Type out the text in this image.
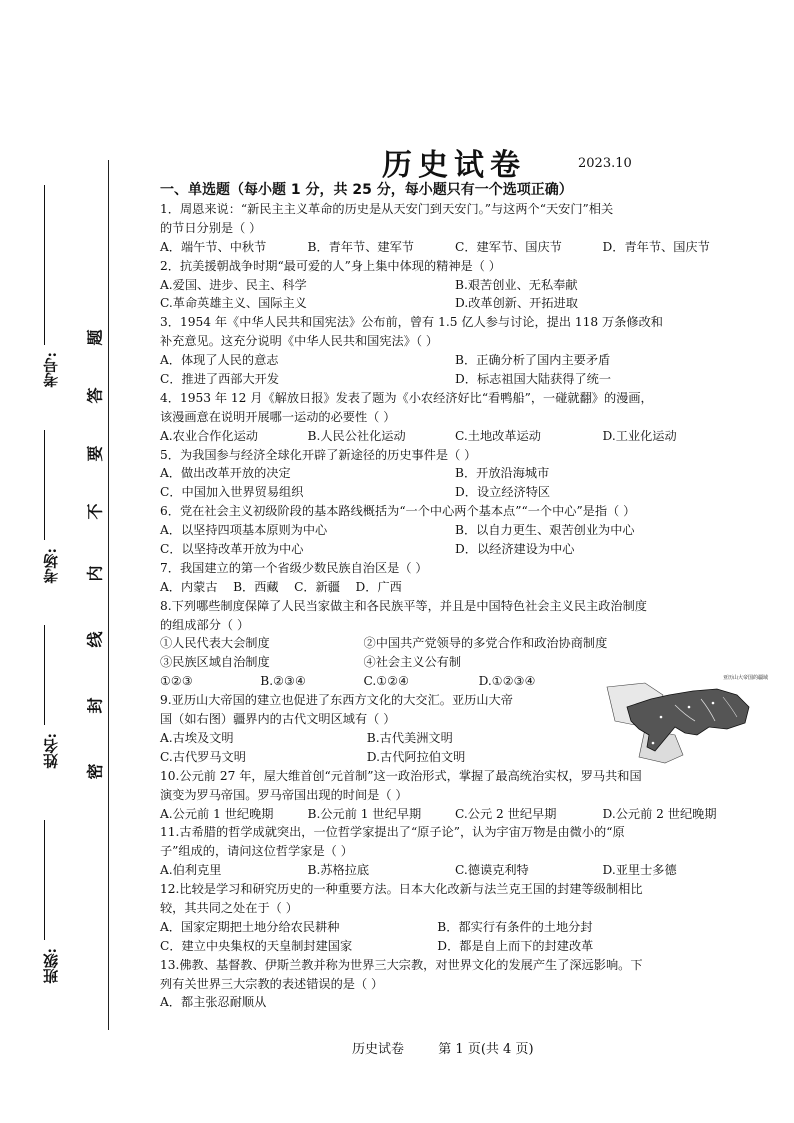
考号:
考场:
姓名:
班级:
密
封
线
内
不
要
答
题
历史试卷	2023.10
一、单选题（每小题 1 分，共 25 分，每小题只有一个选项正确）
1．周恩来说：“新民主主义革命的历史是从天安门到天安门。”与这两个“天安门”相关
的节日分别是（ ）
A．端午节、中秋节	B．青年节、建军节	C．建军节、国庆节	D．青年节、国庆节
2．抗美援朝战争时期“最可爱的人”身上集中体现的精神是（ ）
A.爱国、进步、民主、科学	B.艰苦创业、无私奉献
C.革命英雄主义、国际主义	D.改革创新、开拓进取
3．1954 年《中华人民共和国宪法》公布前，曾有 1.5 亿人参与讨论，提出 118 万条修改和
补充意见。这充分说明《中华人民共和国宪法》（ ）
A．体现了人民的意志	B．正确分析了国内主要矛盾
C．推进了西部大开发	D．标志祖国大陆获得了统一
4．1953 年 12 月《解放日报》发表了题为《小农经济好比“看鸭船”，一碰就翻》的漫画，
该漫画意在说明开展哪一运动的必要性（ ）
A.农业合作化运动	B.人民公社化运动	C.土地改革运动	D.工业化运动
5．为我国参与经济全球化开辟了新途径的历史事件是（ ）
A．做出改革开放的决定	B．开放沿海城市
C．中国加入世界贸易组织	D．设立经济特区
6．党在社会主义初级阶段的基本路线概括为“一个中心两个基本点”“一个中心”是指（ ）
A．以坚持四项基本原则为中心	B．以自力更生、艰苦创业为中心
C．以坚持改革开放为中心	D．以经济建设为中心
7．我国建立的第一个省级少数民族自治区是（ ）
A．内蒙古 B．西藏 C．新疆 D．广西
8.下列哪些制度保障了人民当家做主和各民族平等，并且是中国特色社会主义民主政治制度
的组成部分（ ）
①人民代表大会制度	②中国共产党领导的多党合作和政治协商制度
③民族区域自治制度	④社会主义公有制
①②③	B.②③④	C.①②④	D.①②③④
9.亚历山大帝国的建立也促进了东西方文化的大交汇。亚历山大帝
国（如右图）疆界内的古代文明区域有（ ）
A.古埃及文明	B.古代美洲文明
C.古代罗马文明	D.古代阿拉伯文明
10.公元前 27 年，屋大维首创“元首制”这一政治形式，掌握了最高统治实权，罗马共和国
演变为罗马帝国。罗马帝国出现的时间是（ ）
A.公元前 1 世纪晚期	B.公元前 1 世纪早期	C.公元 2 世纪早期	D.公元前 2 世纪晚期
11.古希腊的哲学成就突出，一位哲学家提出了“原子论”，认为宇宙万物是由微小的“原
子”组成的，请问这位哲学家是（ ）
A.伯利克里	B.苏格拉底	C.德谟克利特	D.亚里士多德
12.比较是学习和研究历史的一种重要方法。日本大化改新与法兰克王国的封建等级制相比
较，其共同之处在于（ ）
A．国家定期把土地分给农民耕种	B．都实行有条件的土地分封
C．建立中央集权的天皇制封建国家	D．都是自上而下的封建改革
13.佛教、基督教、伊斯兰教并称为世界三大宗教，对世界文化的发展产生了深远影响。下
列有关世界三大宗教的表述错误的是（ ）
A．都主张忍耐顺从
亚历山大帝国的疆域
历史试卷	第 1 页(共 4 页)
